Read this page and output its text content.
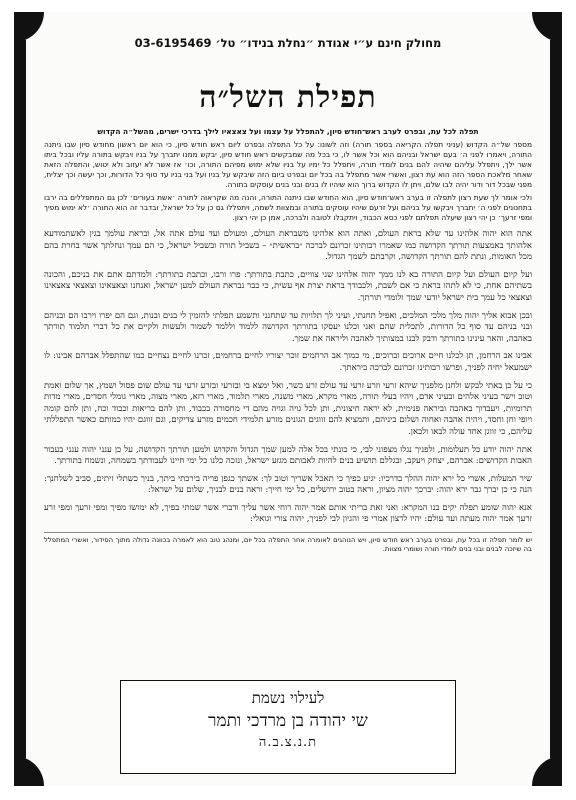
מחולק חינם ע״י אגודת ״נחלת בנידו״ טל׳ 03-6195469
תפילת השל״ה

תפלה לכל עת, ובפרט לערב ראש־חודש סיון, להתפלל על עצמו ועל צאצאיו לילך בדרכי ישרים, מהשל״ה הקדוש

מספר של״ה הקדוש (עניני תפלה הקריאה בספר תורה) וזה לשונו: על כל התפלה ובפרט ליום ראש חודש סיון, כי הוא יום ראשון מחודש סיון שבו ניתנה התורה, ויאמרו לפני ה׳ בעם ישראל ובניהם הוא וכל אשר לו, כי בכל מה שמבקשים ראש חודש סיון, יבקש ממנו יתברך על בניו ויבקש בתורה עליו ובכל ביתו אשר ילך, ויתפלל עליהם שיהיה להם בנים לומדי תורה, ויתפלל כל ימיו על בניו שלא ימוש מפיהם התורה, וכו׳ אז אשר לא יעזוב ולא יטוש, והתפלה הזאת שאחר מלאכת הספר הזה הוא עת רצון, ואשרי אשר מתפלל בה בכל יום ובפרט ביום הזה שיבקש על בניו ועל בני בניו עד סוף כל הדורות, וכך יעשה וכך יצליח, מפני שבכל דור ודור יהיה לבו שלם, ויתן לו הקדוש ברוך הוא שיהיו לו בנים ובני בנים עוסקים בתורה.

ולכי אומר לך שעת רצון לתפלה זו בערב ראש־חודש סיון, הוא החודש שבו ניתנה התורה, והנה מה שקראוה לתורה ׳אשת בעורים׳ לכן גם המתפללים בה ירבו בתחנונים לפני ה׳ יתברך ויבקשו על בניהם ועל זרעם שיהיו עוסקים בתורה ובמצוות לשמה, ויתפללו גם כן על כל ישראל, ובדבר זה הוא התורה ׳לא ימוש מפיך ומפי זרעך׳ כן יהי רצון שיעלה תפלתם לפני כסא הכבוד, ויתקבלו לטובה ולברכה, אמן כן יהי רצון.

אתה הוא יהוה אלהינו עד שלא בראת העולם, ואתה הוא אלהינו משבראת העולם, ומעולם ועד עולם אתה אל, ובראת עולמך בגין לאשתמודעא אלהותך באמצעות תורתך הקדושה כמו שאמרו רבותינו זכרונם לברכה ״בראשית״ – בשביל תורה ובשביל ישראל, כי הם עמך ונחלתך אשר בחרת בהם מכל האומות, ונתת להם תורתך הקדושה, וקרבתם לשמך הגדול.

ועל קיום העולם ועל קיום התורה בא לנו ממך יהוה אלהינו שני צוויים, כתבת בתורתך: פרו ורבו, וכתבת בתורתך: ולמדתם אתם את בניכם, והכונה בשתיהם אחת, כי לא לתהו בראת כי אם לשבת, ולכבודך בראת יצרת אף עשית, כי כבר נבראת העולם למען ישראל, ואנחנו וצאצאינו וצאצאי צאצאינו וצאצאי כל עמך בית ישראל יודעי שמך ולומדי תורתך.

ובכן אבוא אליך יהוה מלך מלכי המלכים, ואפיל תחנתי, ועיני לך תלויות עד שתחנני ותשמע תפלתי להזמין לי בנים ובנות, וגם הם יפרו וירבו הם ובניהם ובני בניהם עד סוף כל הדורות, לתכלית שהם ואני וכלנו יעסקו בתורתך הקדושה ללמוד וללמד לשמור ולעשות ולקיים את כל דברי תלמוד תורתך באהבה, והאר עינינו בתורתך ודבק לבנו במצותיך לאהבה וליראה את שמך.

אבינו אב הרחמן, תן לכלנו חיים ארוכים וברוכים, מי כמוך אב הרחמים זוכר יצוריו לחיים ברחמים, זכרנו לחיים נצחיים כמו שהתפלל אברהם אבינו: לו ישמעאל יחיה לפניך, ופרשו רבותינו זכרונם לברכה ביראתך.

כי על כן באתי לבקש ולחנן מלפניך שיהא זרעי וזרע זרעי עד עולם זרע כשר, ואל ימצא בי ובזרעי ובזרע זרעי עד עולם שום פסול ושמץ, אך שלום ואמת וטוב וישר בעיני אלהים ובעיני אדם, ויהיו בעלי תורה, מארי מקרא, מארי משנה, מארי תלמוד, מארי רזא, מארי מצוה, מארי גומלי חסדים, מארי מדות תרומיות, ויעבדוך באהבה וביראה פנימית, לא יראה חיצונית, ותן לכל גויה וגויה מהם די מחסורה בכבוד, ותן להם בריאות וכבוד וכח, ותן להם קומה ויופי וחן וחסד, ויהיה אהבה ואחוה ושלום ביניהם, ותמציא להם זווגים הגונים מזרע תלמידי חכמים מזרע צדיקים, וגם זווגם יהיו כמותם כאשר התפללתי עליהם, כי זווגן אחד עולה לבאו ולכאן.

אתה יהוה יודע כל תעלומות, ולפניך נגלו מצפוני לבי, כי כונתי בכל אלה למען שמך הגדול והקדוש ולמען תורתך הקדושה, על כן ענני יהוה ענני בעבור האבות הקדושים: אברהם, יצחק ויעקב, ובגללם תושיע בנים להיות לאבותם מגזע ישראל, ונזכה כלנו כל ימי חיינו לעבודתך בשמחה, ונשמח בתורתך.

שיר המעלות, אשרי כל ירא יהוה ההלך בדרכיו: יגיע כפיך כי תאכל אשריך וטוב לך: אשתך כגפן פריה בירכתי ביתך, בניך כשתלי זיתים, סביב לשלחנך: הנה כי כן יברך גבר ירא יהוה: יברכך יהוה מציון, וראה בטוב ירושלים, כל ימי חייך: וראה בנים לבניך, שלום על ישראל:

אנא יהוה שומע תפלה יקים בנו המקרא: ואני זאת בריתי אותם אמר יהוה רוחי אשר עליך ודברי אשר שמתי בפיך, לא ימושו מפיך ומפי זרעך ומפי זרע זרעך אמר יהוה מעתה ועד עולם: יהיו לרצון אמרי פי והגיון לבי לפניך, יהוה צורי וגואלי:

יש לומר תפלה זו בכל עת, ובפרט בערב ראש חודש סיון, ויש הנוהגים לאומרה אחר התפלה בכל יום, ומנהג טוב הוא לאמרה בכוונה גדולה מתוך הסידור, ואשרי המתפלל בה שיזכה לבנים ובני בנים לומדי תורה ושומרי מצוות.
לעילוי נשמת
שי יהודה בן מרדכי ותמר
ת.נ.צ.ב.ה
